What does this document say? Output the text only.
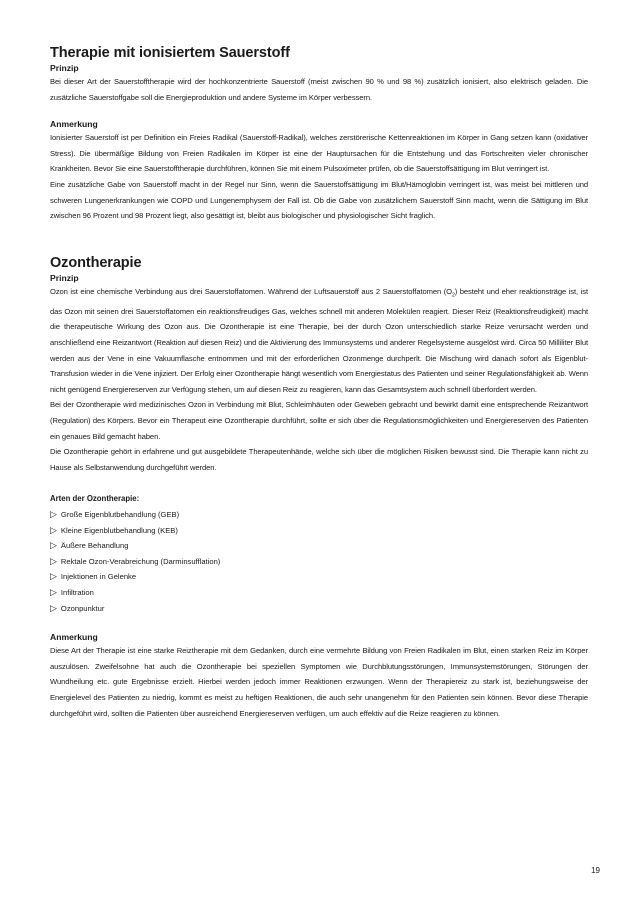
Therapie mit ionisiertem Sauerstoff
Prinzip

Bei dieser Art der Sauerstofftherapie wird der hochkonzentrierte Sauerstoff (meist zwischen 90 % und 98 %) zusätzlich ionisiert, also elektrisch geladen. Die zusätzliche Sauerstoffgabe soll die Energieproduktion und andere Systeme im Körper verbessern.

Anmerkung

Ionisierter Sauerstoff ist per Definition ein Freies Radikal (Sauerstoff-Radikal), welches zerstörerische Kettenreaktionen im Körper in Gang setzen kann (oxidativer Stress). Die übermäßige Bildung von Freien Radikalen im Körper ist eine der Hauptursachen für die Entstehung und das Fortschreiten vieler chronischer Krankheiten. Bevor Sie eine Sauerstofftherapie durchführen, können Sie mit einem Pulsoximeter prüfen, ob die Sauerstoffsättigung im Blut verringert ist.

Eine zusätzliche Gabe von Sauerstoff macht in der Regel nur Sinn, wenn die Sauerstoffsättigung im Blut/Hämoglobin verringert ist, was meist bei mittleren und schweren Lungenerkrankungen wie COPD und Lungenemphysem der Fall ist. Ob die Gabe von zusätzlichem Sauerstoff Sinn macht, wenn die Sättigung im Blut zwischen 96 Prozent und 98 Prozent liegt, also gesättigt ist, bleibt aus biologischer und physiologischer Sicht fraglich.

Ozontherapie
Prinzip

Ozon ist eine chemische Verbindung aus drei Sauerstoffatomen. Während der Luftsauerstoff aus 2 Sauerstoffatomen $(O_2)$ besteht und eher reaktionsträge ist, ist das Ozon mit seinen drei Sauerstoffatomen ein reaktionsfreudiges Gas, welches schnell mit anderen Molekülen reagiert. Dieser Reiz (Reaktionsfreudigkeit) macht die therapeutische Wirkung des Ozon aus. Die Ozontherapie ist eine Therapie, bei der durch Ozon unterschiedlich starke Reize verursacht werden und anschließend eine Reizantwort (Reaktion auf diesen Reiz) und die Aktivierung des Immunsystems und anderer Regelsysteme ausgelöst wird. Circa 50 Milliliter Blut werden aus der Vene in eine Vakuumflasche entnommen und mit der erforderlichen Ozonmenge durchperlt. Die Mischung wird danach sofort als Eigenblut-Transfusion wieder in die Vene injiziert. Der Erfolg einer Ozontherapie hängt wesentlich vom Energiestatus des Patienten und seiner Regulationsfähigkeit ab. Wenn nicht genügend Energiereserven zur Verfügung stehen, um auf diesen Reiz zu reagieren, kann das Gesamtsystem auch schnell überfordert werden.

Bei der Ozontherapie wird medizinisches Ozon in Verbindung mit Blut, Schleimhäuten oder Geweben gebracht und bewirkt damit eine entsprechende Reizantwort (Regulation) des Körpers. Bevor ein Therapeut eine Ozontherapie durchführt, sollte er sich über die Regulationsmöglichkeiten und Energiereserven des Patienten ein genaues Bild gemacht haben.

Die Ozontherapie gehört in erfahrene und gut ausgebildete Therapeutenhände, welche sich über die möglichen Risiken bewusst sind. Die Therapie kann nicht zu Hause als Selbstanwendung durchgeführt werden.

Arten der Ozontherapie:
▷ Große Eigenblutbehandlung (GEB)
▷ Kleine Eigenblutbehandlung (KEB)
▷ Äußere Behandlung
▷ Rektale Ozon-Verabreichung (Darminsufflation)
▷ Injektionen in Gelenke
▷ Infiltration
▷ Ozonpunktur
Anmerkung

Diese Art der Therapie ist eine starke Reiztherapie mit dem Gedanken, durch eine vermehrte Bildung von Freien Radikalen im Blut, einen starken Reiz im Körper auszulösen. Zweifelsohne hat auch die Ozontherapie bei speziellen Symptomen wie Durchblutungsstörungen, Immunsystemstörungen, Störungen der Wundheilung etc. gute Ergebnisse erzielt. Hierbei werden jedoch immer Reaktionen erzwungen. Wenn der Therapiereiz zu stark ist, beziehungsweise der Energielevel des Patienten zu niedrig, kommt es meist zu heftigen Reaktionen, die auch sehr unangenehm für den Patienten sein können. Bevor diese Therapie durchgeführt wird, sollten die Patienten über ausreichend Energiereserven verfügen, um auch effektiv auf die Reize reagieren zu können.

19
